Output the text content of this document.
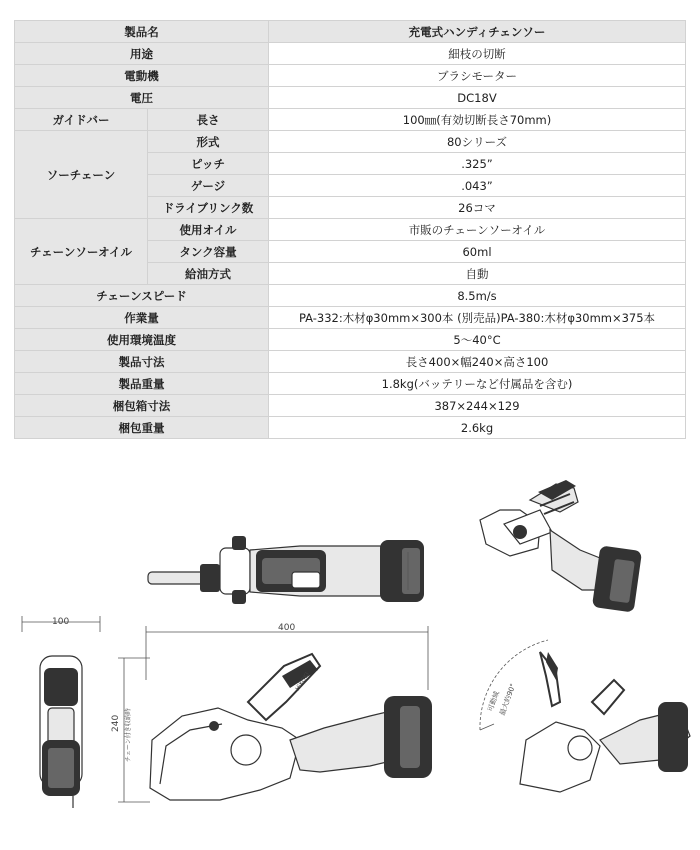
製品名		充電式ハンディチェンソー
用途		細枝の切断
電動機		ブラシモーター
電圧		DC18V
ガイドバー	長さ	100㎜(有効切断長さ70mm)
ソーチェーン	形式	80シリーズ
	ピッチ	.325”
	ゲージ	.043”
	ドライブリンク数	26コマ
チェーンソーオイル	使用オイル	市販のチェーンソーオイル
	タンク容量	60ml
	給油方式	自動
チェーンスピード		8.5m/s
作業量		PA-332:木材φ30mm×300本 (別売品)PA-380:木材φ30mm×375本
使用環境温度		5～40°C
製品寸法		長さ400×幅240×高さ100
製品重量		1.8kg(バッテリーなど付属品を含む)
梱包箱寸法		387×244×129
梱包重量		2.6kg
100
400
240 チェーン付き収納時
HiKOKI
可動域
最大約90°
